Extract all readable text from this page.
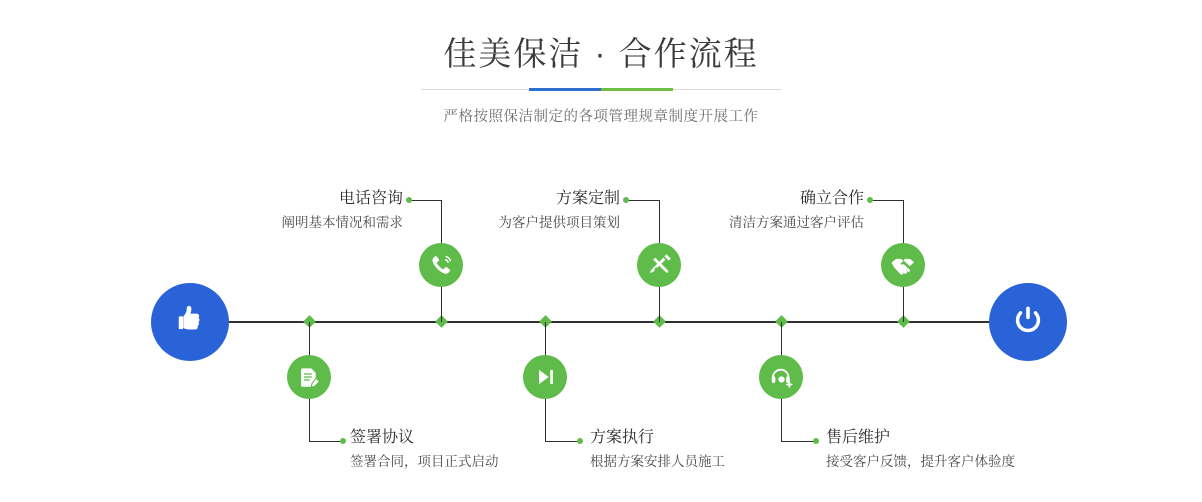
佳美保洁 · 合作流程

严格按照保洁制定的各项管理规章制度开展工作

电话咨询
阐明基本情况和需求
签署协议
签署合同，项目正式启动
方案定制
为客户提供项目策划
方案执行
根据方案安排人员施工
确立合作
清洁方案通过客户评估
售后维护
接受客户反馈，提升客户体验度
